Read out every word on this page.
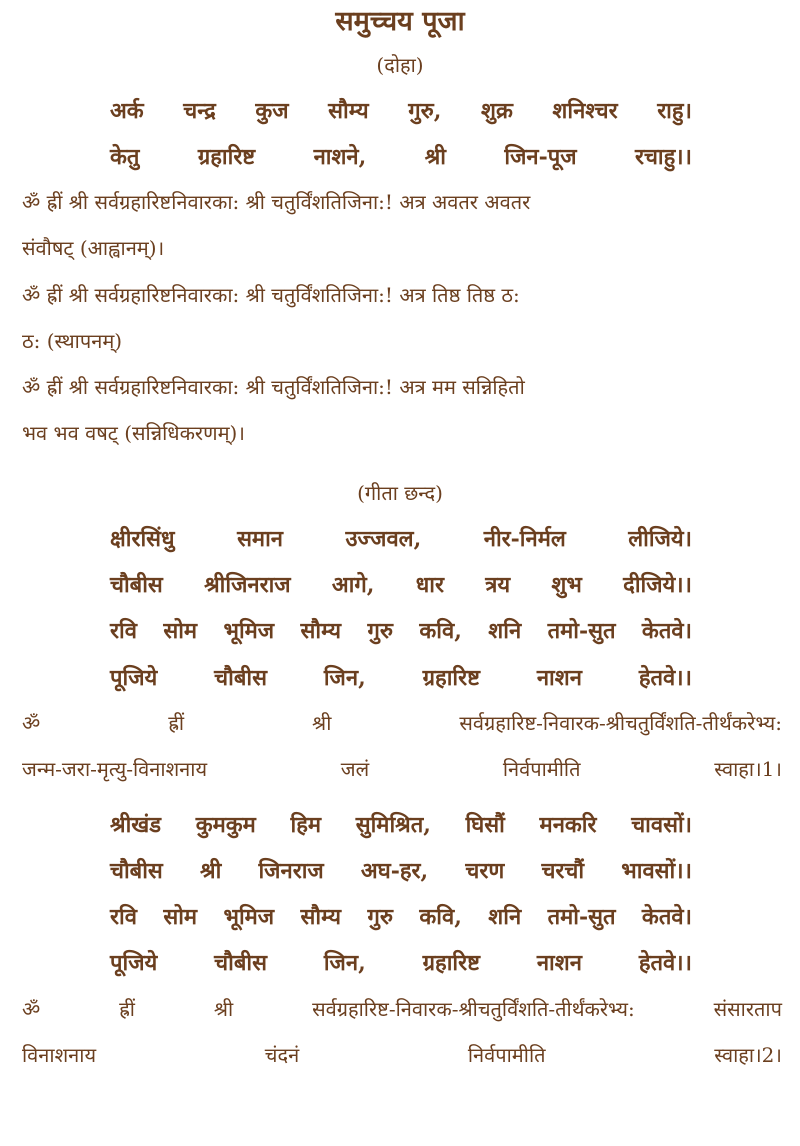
समुच्चय पूजा
(दोहा)
अर्क चन्द्र कुज सौम्य गुरु, शुक्र शनिश्चर राहु।
केतु	ग्रहारिष्ट	नाशने,	श्री	जिन-पूज	रचाहु।।
ॐ ह्रीं श्री सर्वग्रहारिष्टनिवारका: श्री चतुर्विंशतिजिना:! अत्र अवतर अवतर
संवौषट् (आह्वानम्)।
ॐ ह्रीं श्री सर्वग्रहारिष्टनिवारका: श्री चतुर्विंशतिजिना:! अत्र तिष्ठ तिष्ठ ठ:
ठ: (स्थापनम्)
ॐ ह्रीं श्री सर्वग्रहारिष्टनिवारका: श्री चतुर्विंशतिजिना:! अत्र मम सन्निहितो
भव भव वषट् (सन्निधिकरणम्)।
(गीता छन्द)
क्षीरसिंधु	समान	उज्जवल,	नीर-निर्मल	लीजिये।
चौबीस श्रीजिनराज आगे, धार त्रय शुभ दीजिये।।
रवि सोम भूमिज सौम्य गुरु कवि, शनि तमो-सुत केतवे।
पूजिये	चौबीस	जिन,	ग्रहारिष्ट	नाशन	हेतवे।।
ॐ	ह्रीं	श्री	सर्वग्रहारिष्ट-निवारक-श्रीचतुर्विंशति-तीर्थंकरेभ्य:
जन्म-जरा-मृत्यु-विनाशनाय	जलं	निर्वपामीति	स्वाहा।1।
श्रीखंड कुमकुम हिम सुमिश्रित, घिसौं मनकरि चावसों।
चौबीस श्री जिनराज अघ-हर, चरण चरचौं भावसों।।
रवि सोम भूमिज सौम्य गुरु कवि, शनि तमो-सुत केतवे।
पूजिये	चौबीस	जिन,	ग्रहारिष्ट	नाशन	हेतवे।।
ॐ	ह्रीं	श्री	सर्वग्रहारिष्ट-निवारक-श्रीचतुर्विंशति-तीर्थंकरेभ्य:	संसारताप
विनाशनाय	चंदनं	निर्वपामीति	स्वाहा।2।
